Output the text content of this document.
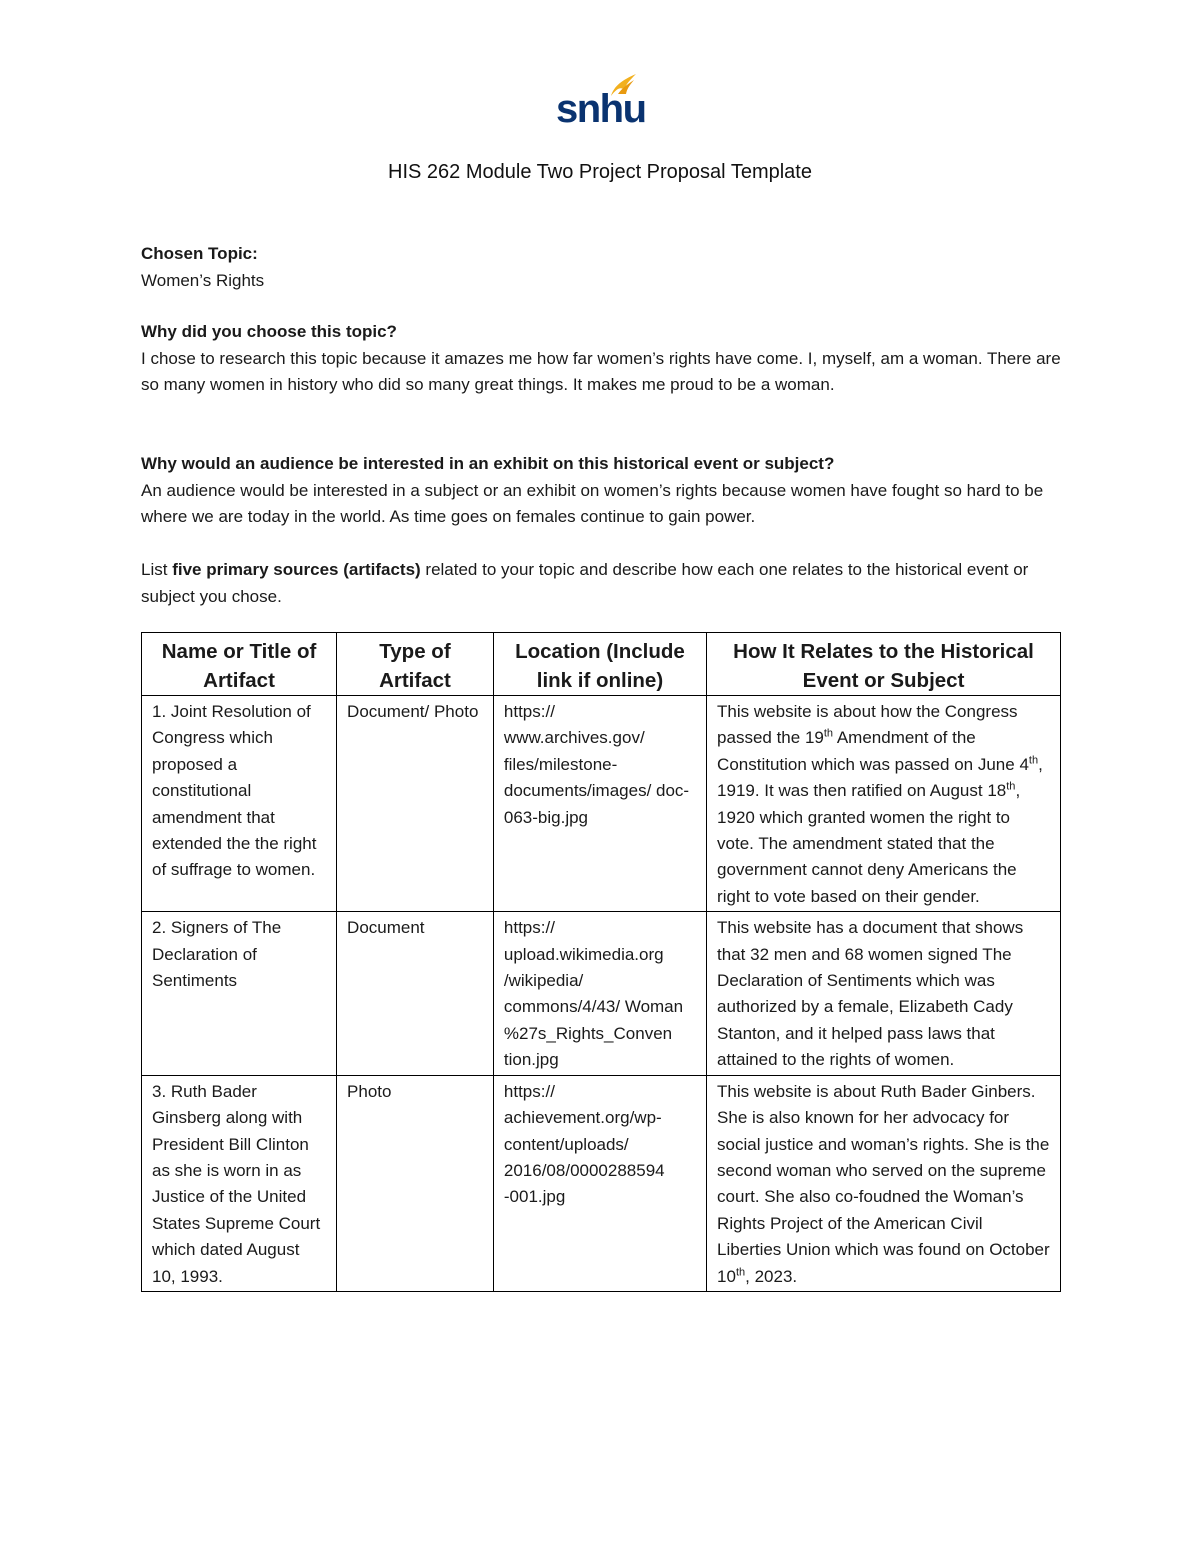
snhu
HIS 262 Module Two Project Proposal Template

Chosen Topic:

Women’s Rights

Why did you choose this topic?

I chose to research this topic because it amazes me how far women’s rights have come. I, myself, am a woman. There are so many women in history who did so many great things. It makes me proud to be a woman.

Why would an audience be interested in an exhibit on this historical event or subject?

An audience would be interested in a subject or an exhibit on women’s rights because women have fought so hard to be where we are today in the world. As time goes on females continue to gain power.

List five primary sources (artifacts) related to your topic and describe how each one relates to the historical event or subject you chose.

Name or Title of Artifact	Type of Artifact	Location (Include link if online)	How It Relates to the Historical Event or Subject
1. Joint Resolution of Congress which proposed a constitutional amendment that extended the the right of suffrage to women.	Document/ Photo	https:// www.archives.gov/ files/milestone-documents/images/ doc-063-big.jpg	This website is about how the Congress passed the 19th Amendment of the Constitution which was passed on June 4th, 1919. It was then ratified on August 18th, 1920 which granted women the right to vote. The amendment stated that the government cannot deny Americans the right to vote based on their gender.
2. Signers of The Declaration of Sentiments	Document	https:// upload.wikimedia.org /wikipedia/ commons/4/43/ Woman %27s_Rights_Conven tion.jpg	This website has a document that shows that 32 men and 68 women signed The Declaration of Sentiments which was authorized by a female, Elizabeth Cady Stanton, and it helped pass laws that attained to the rights of women.
3. Ruth Bader Ginsberg along with President Bill Clinton as she is worn in as Justice of the United States Supreme Court which dated August 10, 1993.	Photo	https:// achievement.org/wp-content/uploads/ 2016/08/0000288594 -001.jpg	This website is about Ruth Bader Ginbers. She is also known for her advocacy for social justice and woman’s rights. She is the second woman who served on the supreme court. She also co-foudned the Woman’s Rights Project of the American Civil Liberties Union which was found on October 10th, 2023.
